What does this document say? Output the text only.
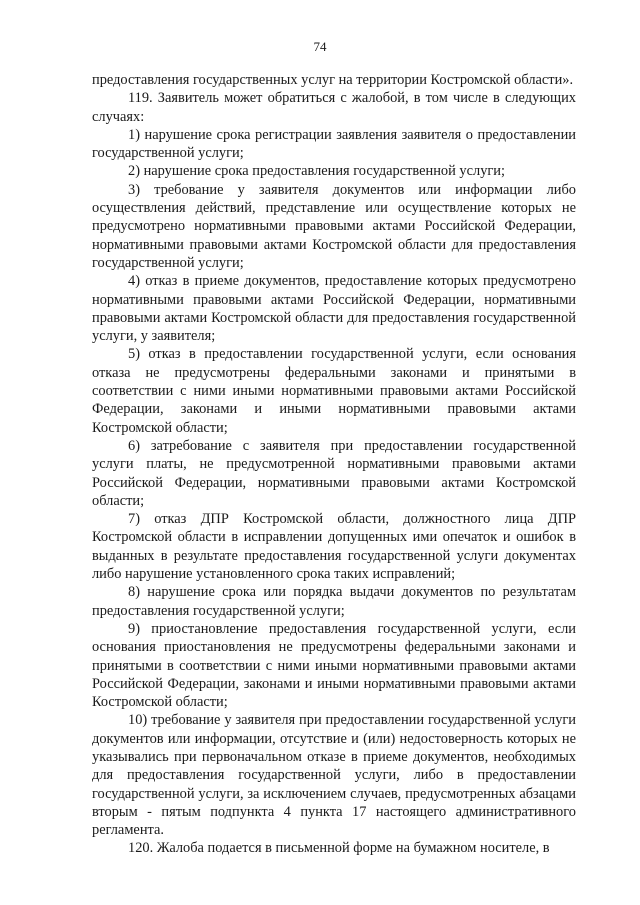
74

предоставления государственных услуг на территории Костромской области».

119. Заявитель может обратиться с жалобой, в том числе в следующих случаях:

1) нарушение срока регистрации заявления заявителя о предоставлении государственной услуги;

2) нарушение срока предоставления государственной услуги;

3) требование у заявителя документов или информации либо осуществления действий, представление или осуществление которых не предусмотрено нормативными правовыми актами Российской Федерации, нормативными правовыми актами Костромской области для предоставления государственной услуги;

4) отказ в приеме документов, предоставление которых предусмотрено нормативными правовыми актами Российской Федерации, нормативными правовыми актами Костромской области для предоставления государственной услуги, у заявителя;

5) отказ в предоставлении государственной услуги, если основания отказа не предусмотрены федеральными законами и принятыми в соответствии с ними иными нормативными правовыми актами Российской Федерации, законами и иными нормативными правовыми актами Костромской области;

6) затребование с заявителя при предоставлении государственной услуги платы, не предусмотренной нормативными правовыми актами Российской Федерации, нормативными правовыми актами Костромской области;

7) отказ ДПР Костромской области, должностного лица ДПР Костромской области в исправлении допущенных ими опечаток и ошибок в выданных в результате предоставления государственной услуги документах либо нарушение установленного срока таких исправлений;

8) нарушение срока или порядка выдачи документов по результатам предоставления государственной услуги;

9) приостановление предоставления государственной услуги, если основания приостановления не предусмотрены федеральными законами и принятыми в соответствии с ними иными нормативными правовыми актами Российской Федерации, законами и иными нормативными правовыми актами Костромской области;

10) требование у заявителя при предоставлении государственной услуги документов или информации, отсутствие и (или) недостоверность которых не указывались при первоначальном отказе в приеме документов, необходимых для предоставления государственной услуги, либо в предоставлении государственной услуги, за исключением случаев, предусмотренных абзацами вторым - пятым подпункта 4 пункта 17 настоящего административного регламента.

120. Жалоба подается в письменной форме на бумажном носителе, в
